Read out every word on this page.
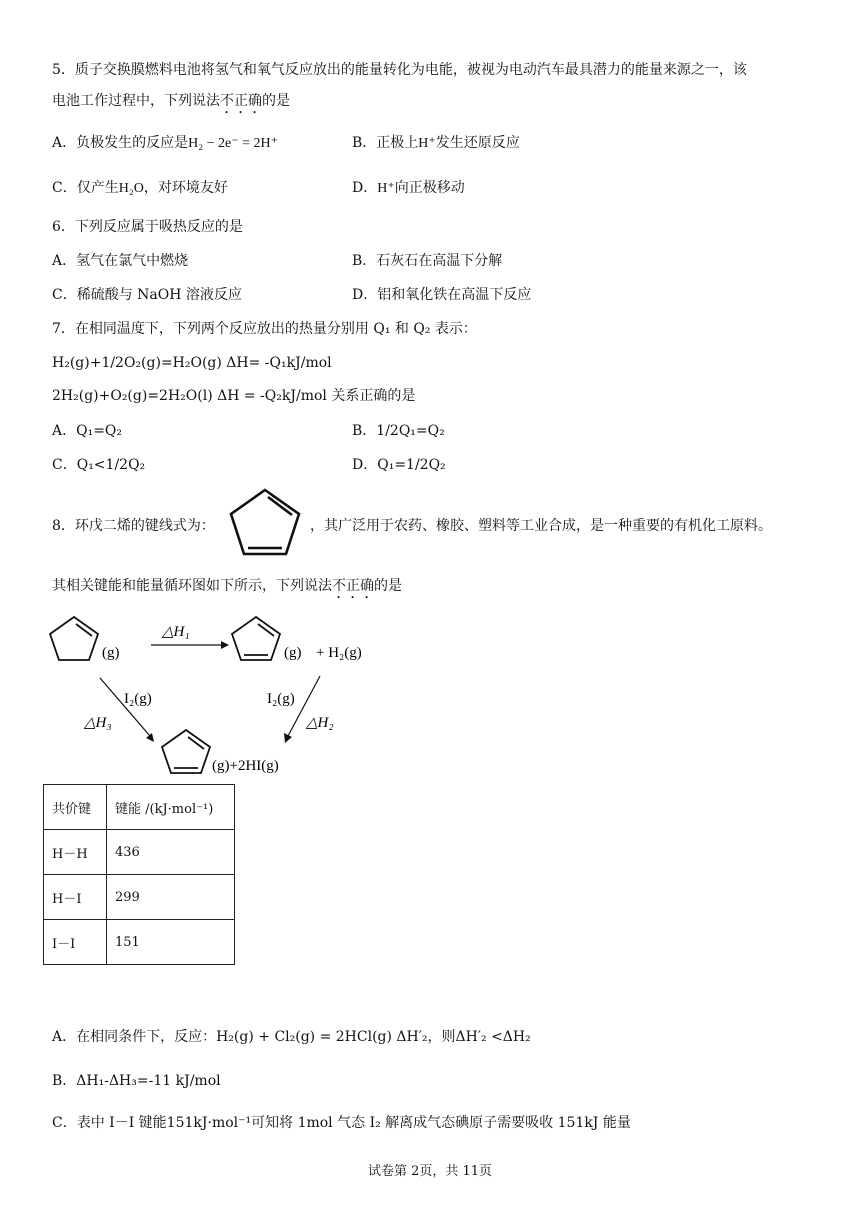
5．质子交换膜燃料电池将氢气和氧气反应放出的能量转化为电能，被视为电动汽车最具潜力的能量来源之一，该
电池工作过程中，下列说法不正确的是
A．负极发生的反应是H₂ − 2e⁻ = 2H⁺	B．正极上H⁺发生还原反应
C．仅产生H₂O，对环境友好	D．H⁺向正极移动
6．下列反应属于吸热反应的是
A．氢气在氯气中燃烧	B．石灰石在高温下分解
C．稀硫酸与 NaOH 溶液反应	D．铝和氧化铁在高温下反应
7．在相同温度下，下列两个反应放出的热量分别用 Q₁ 和 Q₂ 表示：
H₂(g)+1/2O₂(g)=H₂O(g) ΔH= -Q₁kJ/mol
2H₂(g)+O₂(g)=2H₂O(l) ΔH = -Q₂kJ/mol 关系正确的是
A．Q₁=Q₂	B．1/2Q₁=Q₂
C．Q₁<1/2Q₂	D．Q₁=1/2Q₂
8．环戊二烯的键线式为：	，其广泛用于农药、橡胶、塑料等工业合成，是一种重要的有机化工原料。
其相关键能和能量循环图如下所示，下列说法不正确的是
(g)
△H₁
(g) + H₂(g)
I₂(g)
△H₃
I₂(g)
△H₂
(g)+2HI(g)
共价键	键能 /(kJ·mol⁻¹)
H－H	436
H－I	299
I－I	151
A．在相同条件下，反应：H₂(g) + Cl₂(g) = 2HCl(g) ΔH′₂，则ΔH′₂ <ΔH₂
B．ΔH₁-ΔH₃=-11 kJ/mol
C．表中 I－I 键能151kJ·mol⁻¹可知将 1mol 气态 I₂ 解离成气态碘原子需要吸收 151kJ 能量
试卷第 2页，共 11页
